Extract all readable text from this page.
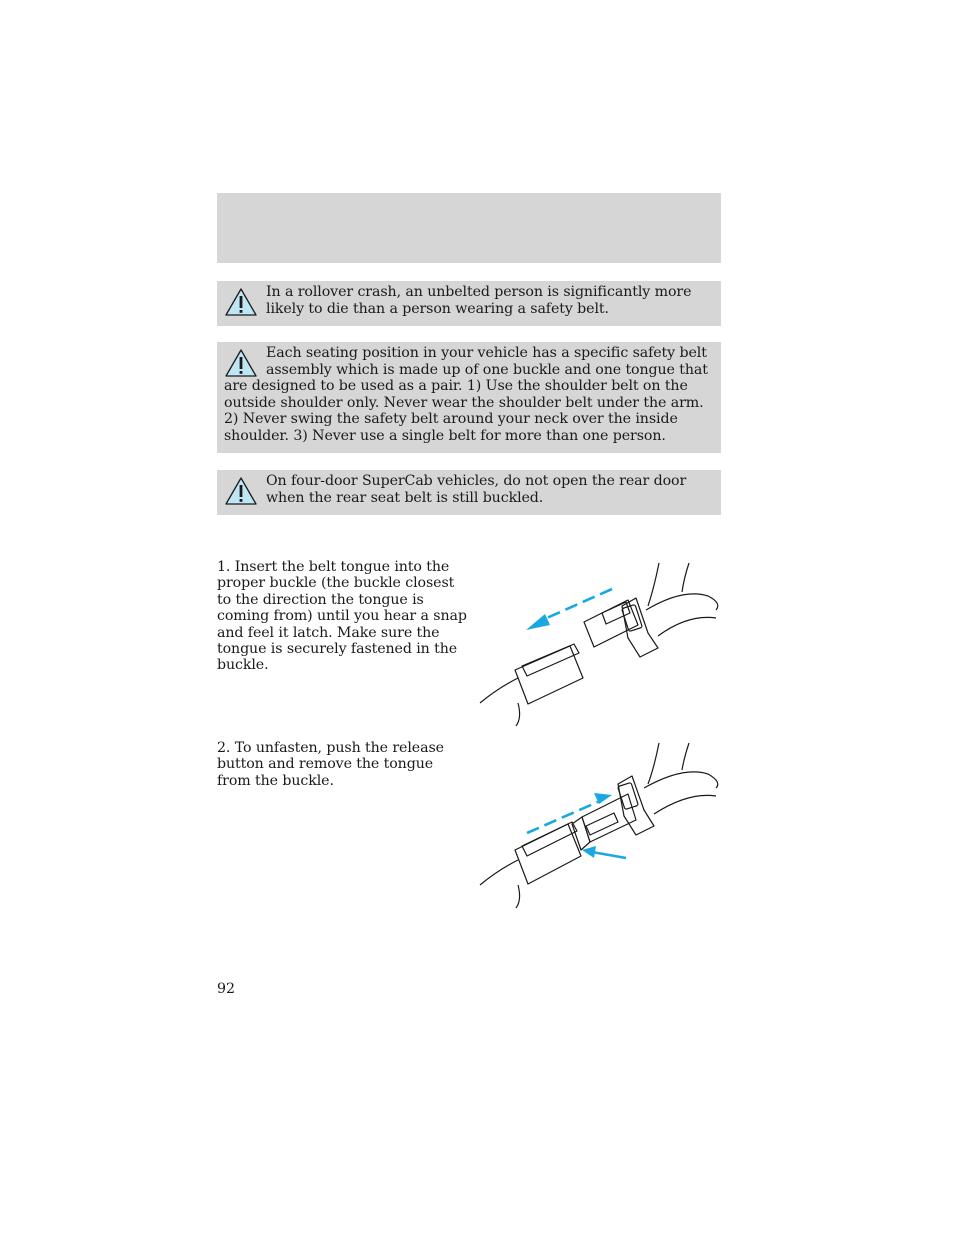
In a rollover crash, an unbelted person is significantly more likely to die than a person wearing a safety belt.
Each seating position in your vehicle has a specific safety belt assembly which is made up of one buckle and one tongue that are designed to be used as a pair. 1) Use the shoulder belt on the outside shoulder only. Never wear the shoulder belt under the arm. 2) Never swing the safety belt around your neck over the inside shoulder. 3) Never use a single belt for more than one person.
On four-door SuperCab vehicles, do not open the rear door when the rear seat belt is still buckled.
1. Insert the belt tongue into the proper buckle (the buckle closest to the direction the tongue is coming from) until you hear a snap and feel it latch. Make sure the tongue is securely fastened in the buckle.
2. To unfasten, push the release button and remove the tongue from the buckle.
92
